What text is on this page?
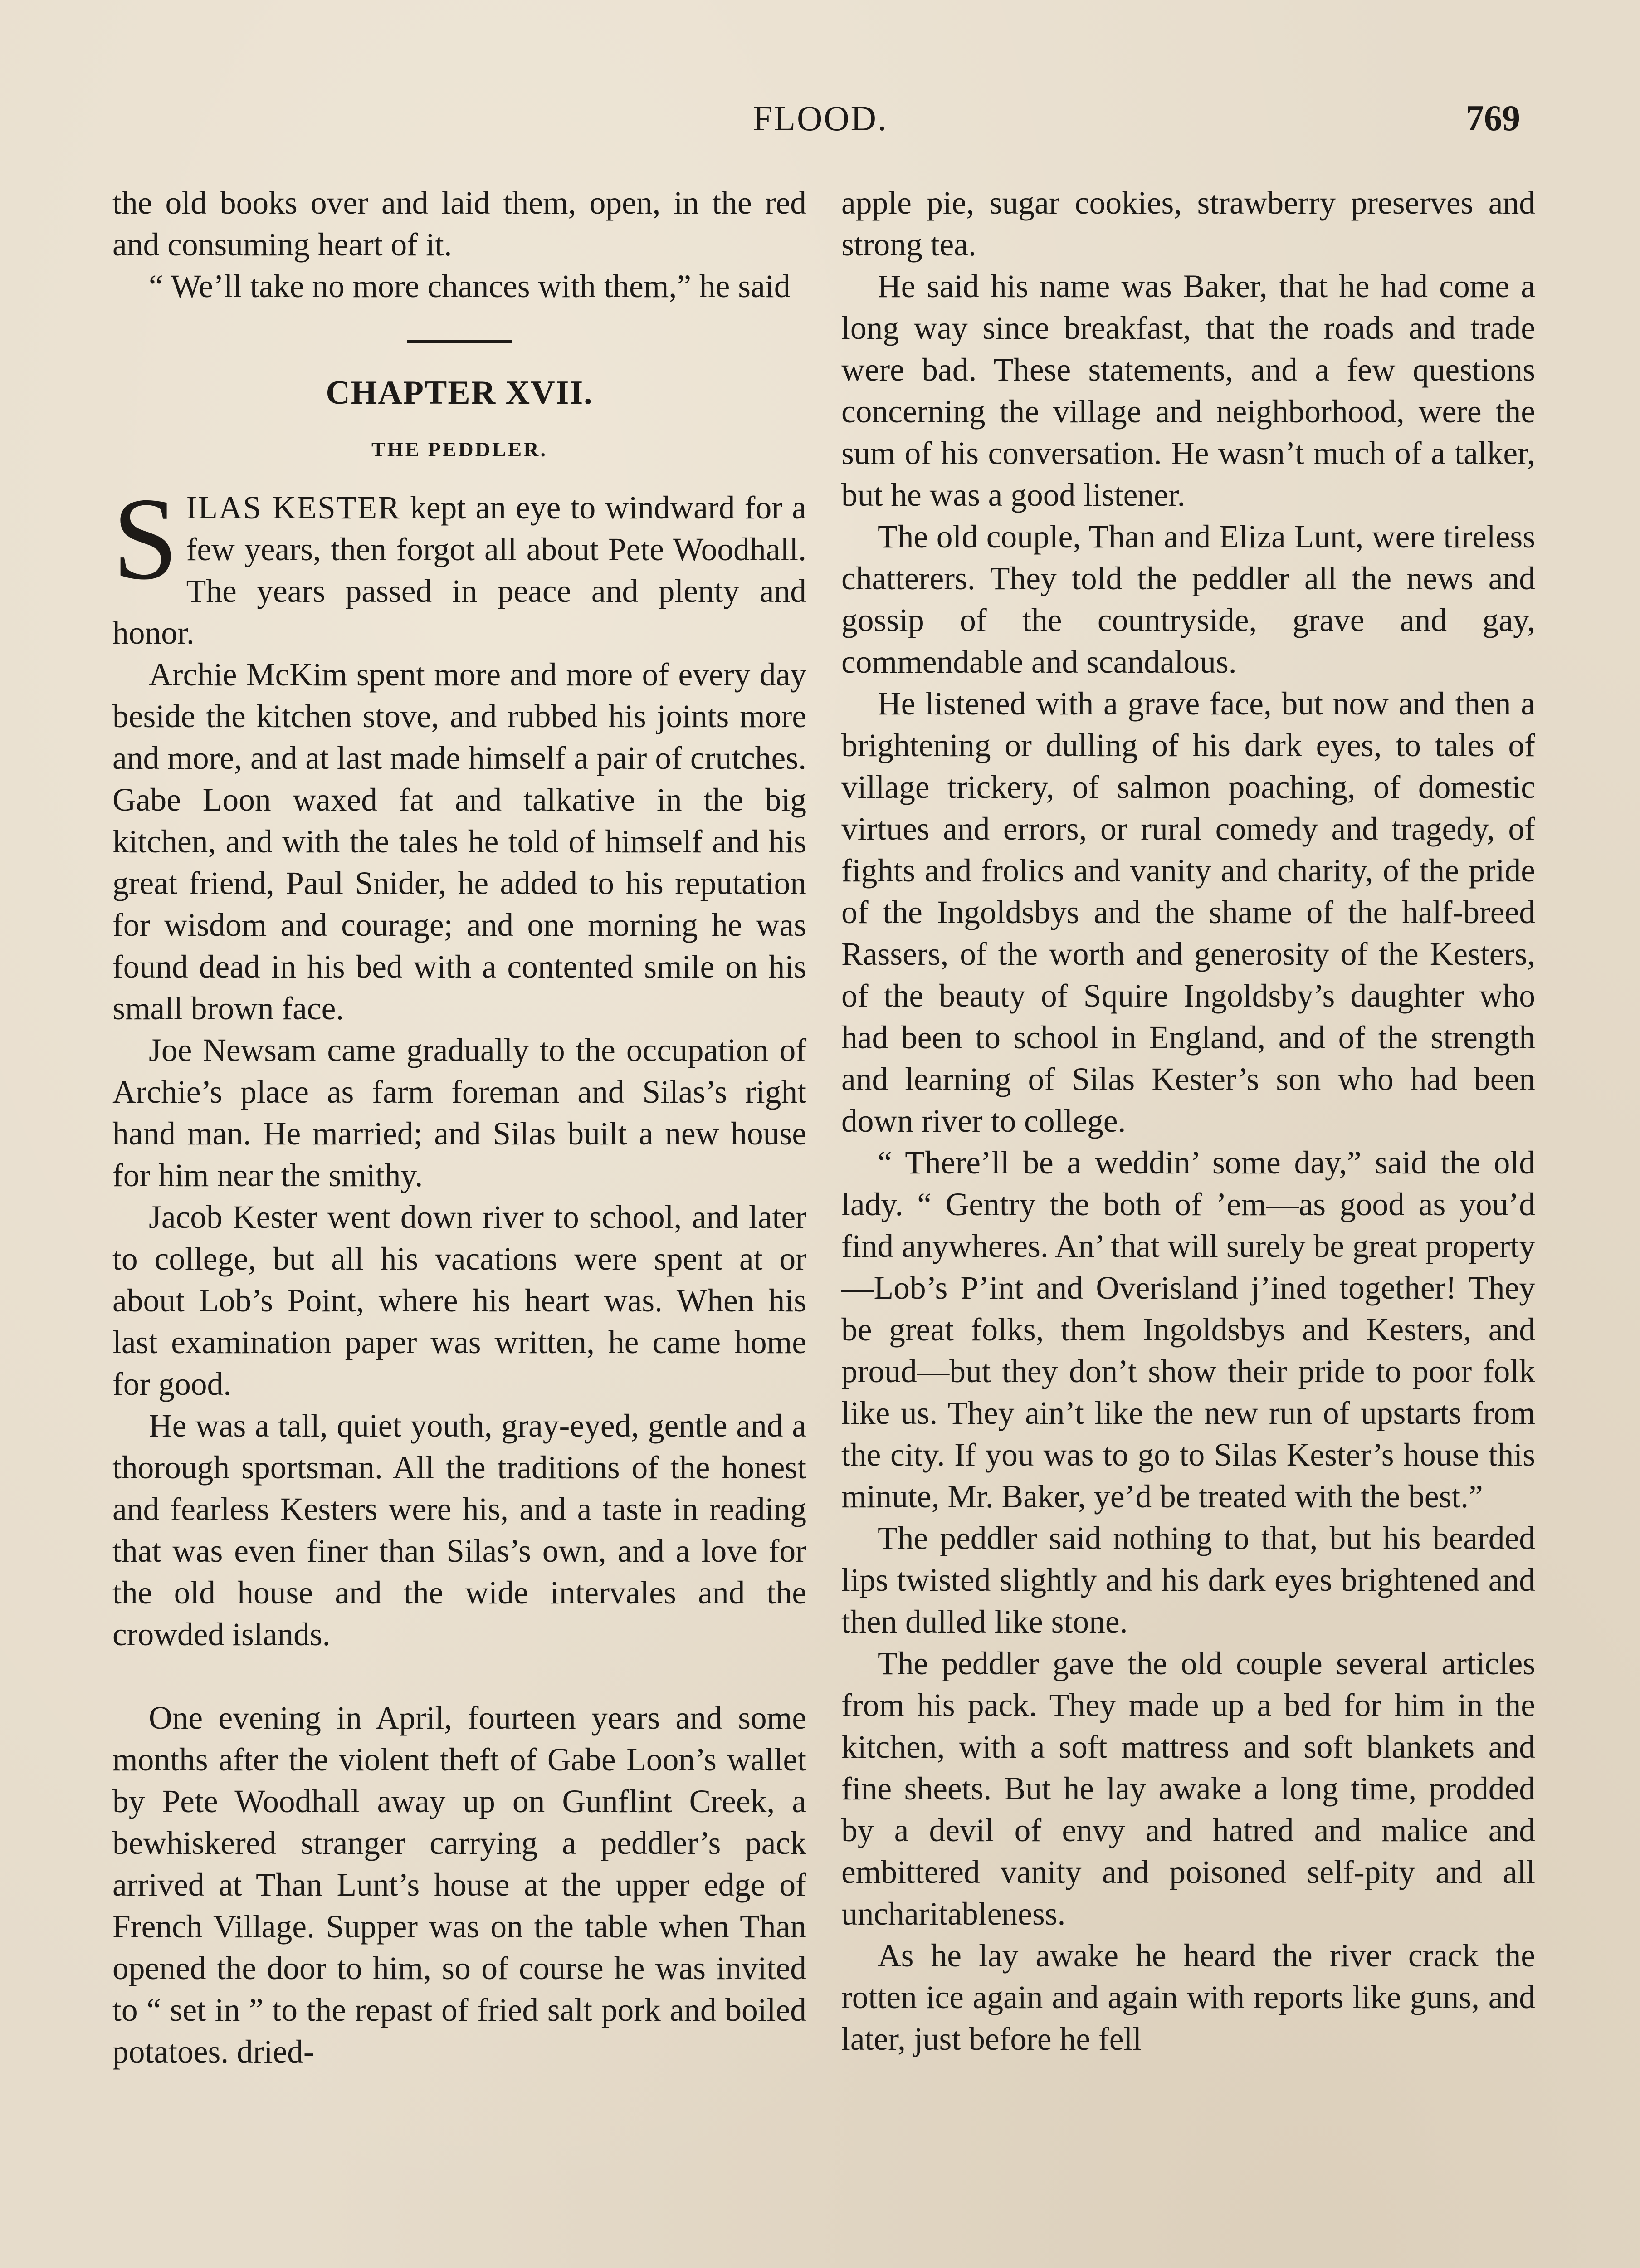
FLOOD.	769

the old books over and laid them, open, in the red and consuming heart of it.

“ We’ll take no more chances with them,” he said

CHAPTER XVII.
THE PEDDLER.

SILAS KESTER kept an eye to windward for a few years, then forgot all about Pete Woodhall. The years passed in peace and plenty and honor.

Archie McKim spent more and more of every day beside the kitchen stove, and rubbed his joints more and more, and at last made himself a pair of crutches. Gabe Loon waxed fat and talkative in the big kitchen, and with the tales he told of himself and his great friend, Paul Snider, he added to his reputation for wisdom and courage; and one morning he was found dead in his bed with a contented smile on his small brown face.

Joe Newsam came gradually to the occupation of Archie’s place as farm foreman and Silas’s right hand man. He married; and Silas built a new house for him near the smithy.

Jacob Kester went down river to school, and later to college, but all his vacations were spent at or about Lob’s Point, where his heart was. When his last examination paper was written, he came home for good.

He was a tall, quiet youth, gray-eyed, gentle and a thorough sportsman. All the traditions of the honest and fearless Kesters were his, and a taste in reading that was even finer than Silas’s own, and a love for the old house and the wide intervales and the crowded islands.

One evening in April, fourteen years and some months after the violent theft of Gabe Loon’s wallet by Pete Woodhall away up on Gunflint Creek, a bewhiskered stranger carrying a peddler’s pack arrived at Than Lunt’s house at the upper edge of French Village. Supper was on the table when Than opened the door to him, so of course he was invited to “ set in ” to the repast of fried salt pork and boiled potatoes. dried-

apple pie, sugar cookies, strawberry preserves and strong tea.

He said his name was Baker, that he had come a long way since breakfast, that the roads and trade were bad. These statements, and a few questions concerning the village and neighborhood, were the sum of his conversation. He wasn’t much of a talker, but he was a good listener.

The old couple, Than and Eliza Lunt, were tireless chatterers. They told the peddler all the news and gossip of the countryside, grave and gay, commendable and scandalous.

He listened with a grave face, but now and then a brightening or dulling of his dark eyes, to tales of village trickery, of salmon poaching, of domestic virtues and errors, or rural comedy and tragedy, of fights and frolics and vanity and charity, of the pride of the Ingoldsbys and the shame of the half-breed Rassers, of the worth and generosity of the Kesters, of the beauty of Squire Ingoldsby’s daughter who had been to school in England, and of the strength and learning of Silas Kester’s son who had been down river to college.

“ There’ll be a weddin’ some day,” said the old lady. “ Gentry the both of ’em—as good as you’d find anywheres. An’ that will surely be great property—Lob’s P’int and Overisland j’ined together! They be great folks, them Ingoldsbys and Kesters, and proud—but they don’t show their pride to poor folk like us. They ain’t like the new run of upstarts from the city. If you was to go to Silas Kester’s house this minute, Mr. Baker, ye’d be treated with the best.”

The peddler said nothing to that, but his bearded lips twisted slightly and his dark eyes brightened and then dulled like stone.

The peddler gave the old couple several articles from his pack. They made up a bed for him in the kitchen, with a soft mattress and soft blankets and fine sheets. But he lay awake a long time, prodded by a devil of envy and hatred and malice and embittered vanity and poisoned self-pity and all uncharitableness.

As he lay awake he heard the river crack the rotten ice again and again with reports like guns, and later, just before he fell
